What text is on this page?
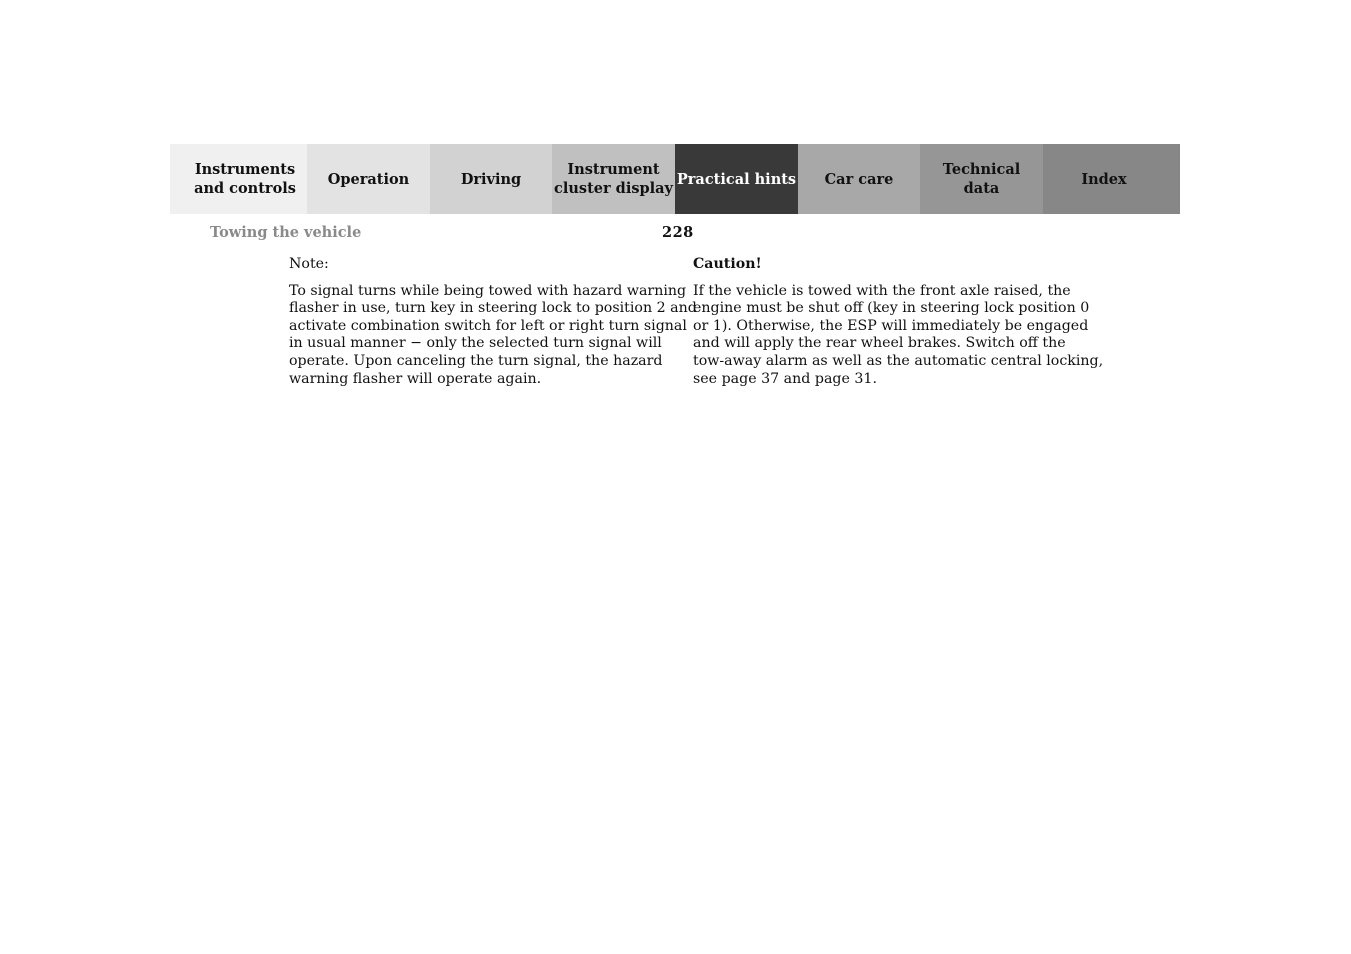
Instruments
and controls
Operation	Driving
Instrument
cluster display
Practical hints	Car care
Technical
data
Index
Towing the vehicle	228
Note:
To signal turns while being towed with hazard warning
flasher in use, turn key in steering lock to position 2 and
activate combination switch for left or right turn signal
in usual manner − only the selected turn signal will
operate. Upon canceling the turn signal, the hazard
warning flasher will operate again.
Caution!
If the vehicle is towed with the front axle raised, the
engine must be shut off (key in steering lock position 0
or 1). Otherwise, the ESP will immediately be engaged
and will apply the rear wheel brakes. Switch off the
tow-away alarm as well as the automatic central locking,
see page 37 and page 31.
